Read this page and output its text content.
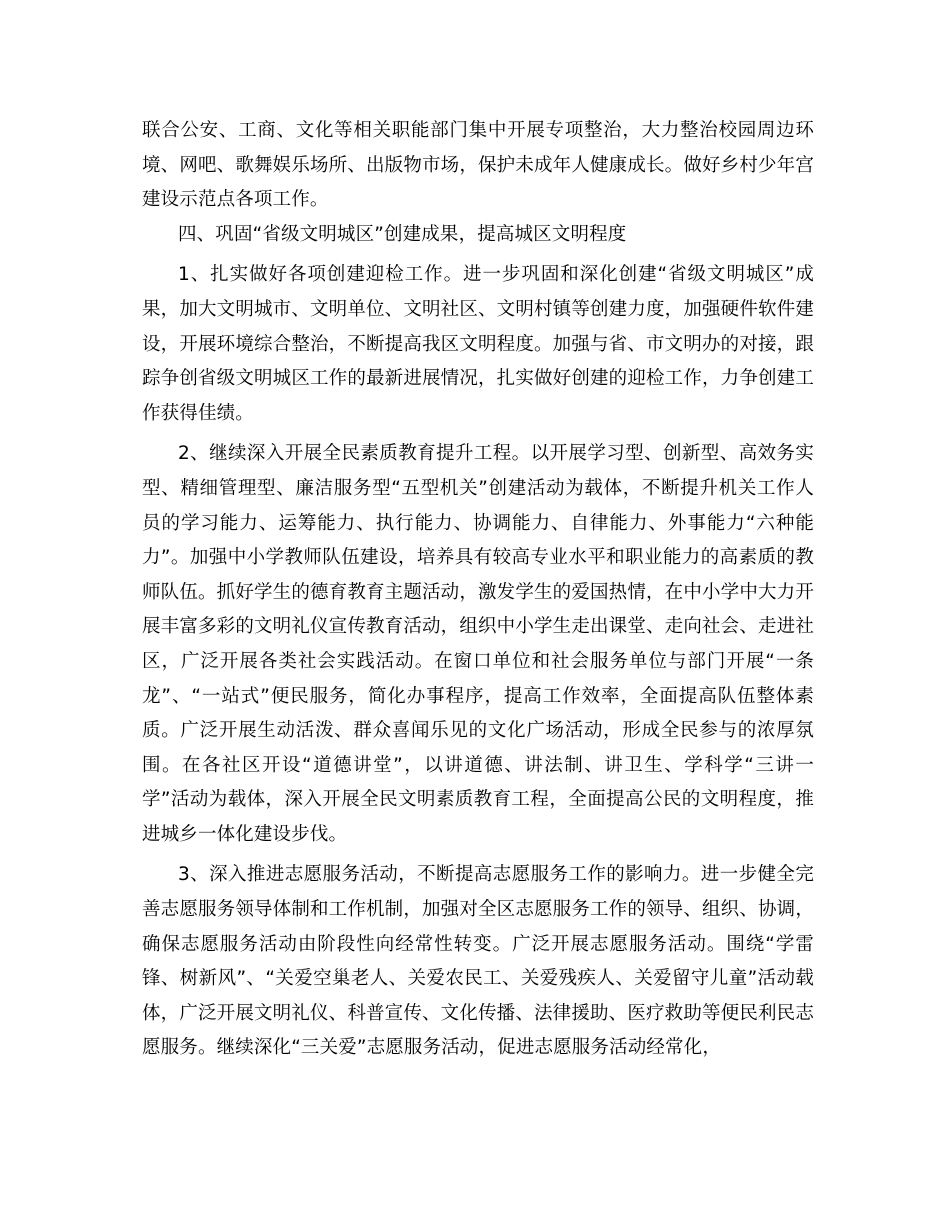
联合公安、工商、文化等相关职能部门集中开展专项整治，大力整治校园周边环境、网吧、歌舞娱乐场所、出版物市场，保护未成年人健康成长。做好乡村少年宫建设示范点各项工作。

四、巩固“省级文明城区”创建成果，提高城区文明程度

1、扎实做好各项创建迎检工作。进一步巩固和深化创建“省级文明城区”成果，加大文明城市、文明单位、文明社区、文明村镇等创建力度，加强硬件软件建设，开展环境综合整治，不断提高我区文明程度。加强与省、市文明办的对接，跟踪争创省级文明城区工作的最新进展情况，扎实做好创建的迎检工作，力争创建工作获得佳绩。

2、继续深入开展全民素质教育提升工程。以开展学习型、创新型、高效务实型、精细管理型、廉洁服务型“五型机关”创建活动为载体，不断提升机关工作人员的学习能力、运筹能力、执行能力、协调能力、自律能力、外事能力“六种能力”。加强中小学教师队伍建设，培养具有较高专业水平和职业能力的高素质的教师队伍。抓好学生的德育教育主题活动，激发学生的爱国热情，在中小学中大力开展丰富多彩的文明礼仪宣传教育活动，组织中小学生走出课堂、走向社会、走进社区，广泛开展各类社会实践活动。在窗口单位和社会服务单位与部门开展“一条龙”、“一站式”便民服务，简化办事程序，提高工作效率，全面提高队伍整体素质。广泛开展生动活泼、群众喜闻乐见的文化广场活动，形成全民参与的浓厚氛围。在各社区开设“道德讲堂”，以讲道德、讲法制、讲卫生、学科学“三讲一学”活动为载体，深入开展全民文明素质教育工程，全面提高公民的文明程度，推进城乡一体化建设步伐。

3、深入推进志愿服务活动，不断提高志愿服务工作的影响力。进一步健全完善志愿服务领导体制和工作机制，加强对全区志愿服务工作的领导、组织、协调，确保志愿服务活动由阶段性向经常性转变。广泛开展志愿服务活动。围绕“学雷锋、树新风”、“关爱空巢老人、关爱农民工、关爱残疾人、关爱留守儿童”活动载体，广泛开展文明礼仪、科普宣传、文化传播、法律援助、医疗救助等便民利民志愿服务。继续深化“三关爱”志愿服务活动，促进志愿服务活动经常化，
